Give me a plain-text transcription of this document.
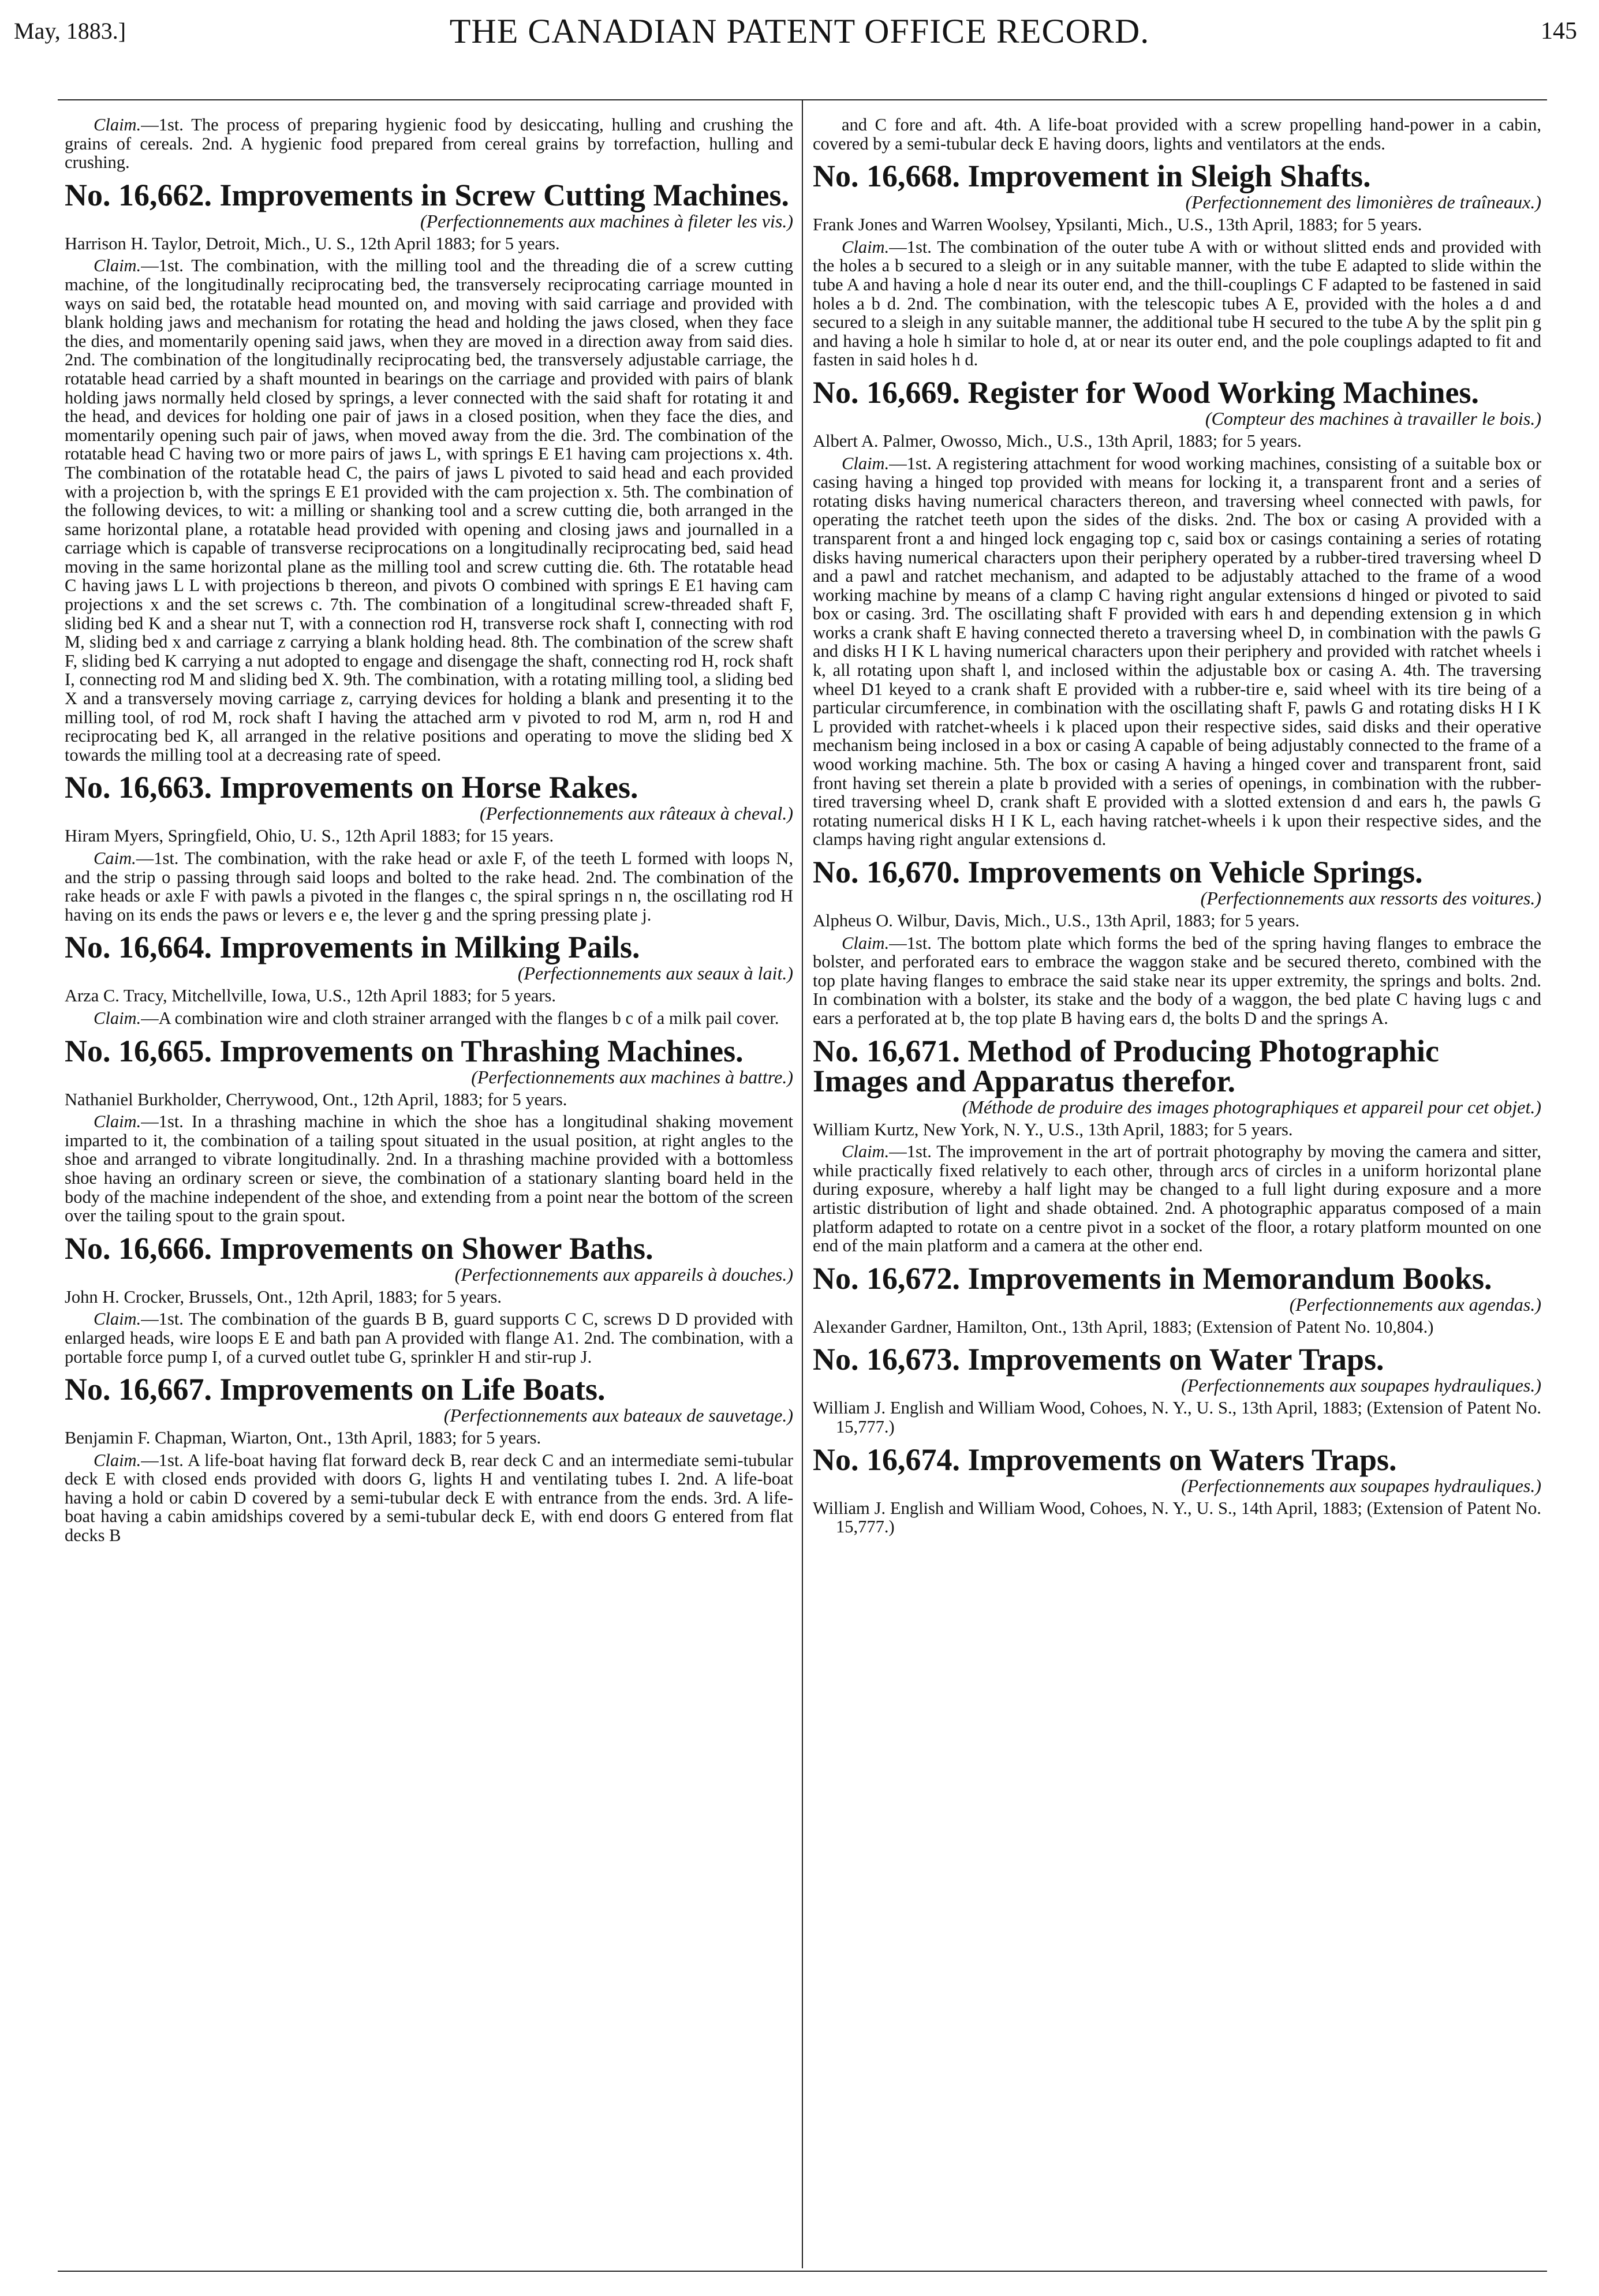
May, 1883.]	THE CANADIAN PATENT OFFICE RECORD.	145

Claim.—1st. The process of preparing hygienic food by desiccating, hulling and crushing the grains of cereals. 2nd. A hygienic food prepared from cereal grains by torrefaction, hulling and crushing.

No. 16,662. Improvements in Screw Cutting Machines.

(Perfectionnements aux machines à fileter les vis.)

Harrison H. Taylor, Detroit, Mich., U. S., 12th April 1883; for 5 years.

Claim.—1st. The combination, with the milling tool and the threading die of a screw cutting machine, of the longitudinally reciprocating bed, the transversely reciprocating carriage mounted in ways on said bed, the rotatable head mounted on, and moving with said carriage and provided with blank holding jaws and mechanism for rotating the head and holding the jaws closed, when they face the dies, and momentarily opening said jaws, when they are moved in a direction away from said dies. 2nd. The combination of the longitudinally reciprocating bed, the transversely adjustable carriage, the rotatable head carried by a shaft mounted in bearings on the carriage and provided with pairs of blank holding jaws normally held closed by springs, a lever connected with the said shaft for rotating it and the head, and devices for holding one pair of jaws in a closed position, when they face the dies, and momentarily opening such pair of jaws, when moved away from the die. 3rd. The combination of the rotatable head C having two or more pairs of jaws L, with springs E E1 having cam projections x. 4th. The combination of the rotatable head C, the pairs of jaws L pivoted to said head and each provided with a projection b, with the springs E E1 provided with the cam projection x. 5th. The combination of the following devices, to wit: a milling or shanking tool and a screw cutting die, both arranged in the same horizontal plane, a rotatable head provided with opening and closing jaws and journalled in a carriage which is capable of transverse reciprocations on a longitudinally reciprocating bed, said head moving in the same horizontal plane as the milling tool and screw cutting die. 6th. The rotatable head C having jaws L L with projections b thereon, and pivots O combined with springs E E1 having cam projections x and the set screws c. 7th. The combination of a longitudinal screw-threaded shaft F, sliding bed K and a shear nut T, with a connection rod H, transverse rock shaft I, connecting with rod M, sliding bed x and carriage z carrying a blank holding head. 8th. The combination of the screw shaft F, sliding bed K carrying a nut adopted to engage and disengage the shaft, connecting rod H, rock shaft I, connecting rod M and sliding bed X. 9th. The combination, with a rotating milling tool, a sliding bed X and a transversely moving carriage z, carrying devices for holding a blank and presenting it to the milling tool, of rod M, rock shaft I having the attached arm v pivoted to rod M, arm n, rod H and reciprocating bed K, all arranged in the relative positions and operating to move the sliding bed X towards the milling tool at a decreasing rate of speed.

No. 16,663. Improvements on Horse Rakes.

(Perfectionnements aux râteaux à cheval.)

Hiram Myers, Springfield, Ohio, U. S., 12th April 1883; for 15 years.

Caim.—1st. The combination, with the rake head or axle F, of the teeth L formed with loops N, and the strip o passing through said loops and bolted to the rake head. 2nd. The combination of the rake heads or axle F with pawls a pivoted in the flanges c, the spiral springs n n, the oscillating rod H having on its ends the paws or levers e e, the lever g and the spring pressing plate j.

No. 16,664. Improvements in Milking Pails.

(Perfectionnements aux seaux à lait.)

Arza C. Tracy, Mitchellville, Iowa, U.S., 12th April 1883; for 5 years.

Claim.—A combination wire and cloth strainer arranged with the flanges b c of a milk pail cover.

No. 16,665. Improvements on Thrashing Machines.

(Perfectionnements aux machines à battre.)

Nathaniel Burkholder, Cherrywood, Ont., 12th April, 1883; for 5 years.

Claim.—1st. In a thrashing machine in which the shoe has a longitudinal shaking movement imparted to it, the combination of a tailing spout situated in the usual position, at right angles to the shoe and arranged to vibrate longitudinally. 2nd. In a thrashing machine provided with a bottomless shoe having an ordinary screen or sieve, the combination of a stationary slanting board held in the body of the machine independent of the shoe, and extending from a point near the bottom of the screen over the tailing spout to the grain spout.

No. 16,666. Improvements on Shower Baths.

(Perfectionnements aux appareils à douches.)

John H. Crocker, Brussels, Ont., 12th April, 1883; for 5 years.

Claim.—1st. The combination of the guards B B, guard supports C C, screws D D provided with enlarged heads, wire loops E E and bath pan A provided with flange A1. 2nd. The combination, with a portable force pump I, of a curved outlet tube G, sprinkler H and stir-rup J.

No. 16,667. Improvements on Life Boats.

(Perfectionnements aux bateaux de sauvetage.)

Benjamin F. Chapman, Wiarton, Ont., 13th April, 1883; for 5 years.

Claim.—1st. A life-boat having flat forward deck B, rear deck C and an intermediate semi-tubular deck E with closed ends provided with doors G, lights H and ventilating tubes I. 2nd. A life-boat having a hold or cabin D covered by a semi-tubular deck E with entrance from the ends. 3rd. A life-boat having a cabin amidships covered by a semi-tubular deck E, with end doors G entered from flat decks B

and C fore and aft. 4th. A life-boat provided with a screw propelling hand-power in a cabin, covered by a semi-tubular deck E having doors, lights and ventilators at the ends.

No. 16,668. Improvement in Sleigh Shafts.

(Perfectionnement des limonières de traîneaux.)

Frank Jones and Warren Woolsey, Ypsilanti, Mich., U.S., 13th April, 1883; for 5 years.

Claim.—1st. The combination of the outer tube A with or without slitted ends and provided with the holes a b secured to a sleigh or in any suitable manner, with the tube E adapted to slide within the tube A and having a hole d near its outer end, and the thill-couplings C F adapted to be fastened in said holes a b d. 2nd. The combination, with the telescopic tubes A E, provided with the holes a d and secured to a sleigh in any suitable manner, the additional tube H secured to the tube A by the split pin g and having a hole h similar to hole d, at or near its outer end, and the pole couplings adapted to fit and fasten in said holes h d.

No. 16,669. Register for Wood Working Machines.

(Compteur des machines à travailler le bois.)

Albert A. Palmer, Owosso, Mich., U.S., 13th April, 1883; for 5 years.

Claim.—1st. A registering attachment for wood working machines, consisting of a suitable box or casing having a hinged top provided with means for locking it, a transparent front and a series of rotating disks having numerical characters thereon, and traversing wheel connected with pawls, for operating the ratchet teeth upon the sides of the disks. 2nd. The box or casing A provided with a transparent front a and hinged lock engaging top c, said box or casings containing a series of rotating disks having numerical characters upon their periphery operated by a rubber-tired traversing wheel D and a pawl and ratchet mechanism, and adapted to be adjustably attached to the frame of a wood working machine by means of a clamp C having right angular extensions d hinged or pivoted to said box or casing. 3rd. The oscillating shaft F provided with ears h and depending extension g in which works a crank shaft E having connected thereto a traversing wheel D, in combination with the pawls G and disks H I K L having numerical characters upon their periphery and provided with ratchet wheels i k, all rotating upon shaft l, and inclosed within the adjustable box or casing A. 4th. The traversing wheel D1 keyed to a crank shaft E provided with a rubber-tire e, said wheel with its tire being of a particular circumference, in combination with the oscillating shaft F, pawls G and rotating disks H I K L provided with ratchet-wheels i k placed upon their respective sides, said disks and their operative mechanism being inclosed in a box or casing A capable of being adjustably connected to the frame of a wood working machine. 5th. The box or casing A having a hinged cover and transparent front, said front having set therein a plate b provided with a series of openings, in combination with the rubber-tired traversing wheel D, crank shaft E provided with a slotted extension d and ears h, the pawls G rotating numerical disks H I K L, each having ratchet-wheels i k upon their respective sides, and the clamps having right angular extensions d.

No. 16,670. Improvements on Vehicle Springs.

(Perfectionnements aux ressorts des voitures.)

Alpheus O. Wilbur, Davis, Mich., U.S., 13th April, 1883; for 5 years.

Claim.—1st. The bottom plate which forms the bed of the spring having flanges to embrace the bolster, and perforated ears to embrace the waggon stake and be secured thereto, combined with the top plate having flanges to embrace the said stake near its upper extremity, the springs and bolts. 2nd. In combination with a bolster, its stake and the body of a waggon, the bed plate C having lugs c and ears a perforated at b, the top plate B having ears d, the bolts D and the springs A.

No. 16,671. Method of Producing Photographic Images and Apparatus therefor.

(Méthode de produire des images photographiques et appareil pour cet objet.)

William Kurtz, New York, N. Y., U.S., 13th April, 1883; for 5 years.

Claim.—1st. The improvement in the art of portrait photography by moving the camera and sitter, while practically fixed relatively to each other, through arcs of circles in a uniform horizontal plane during exposure, whereby a half light may be changed to a full light during exposure and a more artistic distribution of light and shade obtained. 2nd. A photographic apparatus composed of a main platform adapted to rotate on a centre pivot in a socket of the floor, a rotary platform mounted on one end of the main platform and a camera at the other end.

No. 16,672. Improvements in Memorandum Books.

(Perfectionnements aux agendas.)

Alexander Gardner, Hamilton, Ont., 13th April, 1883; (Extension of Patent No. 10,804.)

No. 16,673. Improvements on Water Traps.

(Perfectionnements aux soupapes hydrauliques.)

William J. English and William Wood, Cohoes, N. Y., U. S., 13th April, 1883; (Extension of Patent No. 15,777.)

No. 16,674. Improvements on Waters Traps.

(Perfectionnements aux soupapes hydrauliques.)

William J. English and William Wood, Cohoes, N. Y., U. S., 14th April, 1883; (Extension of Patent No. 15,777.)
